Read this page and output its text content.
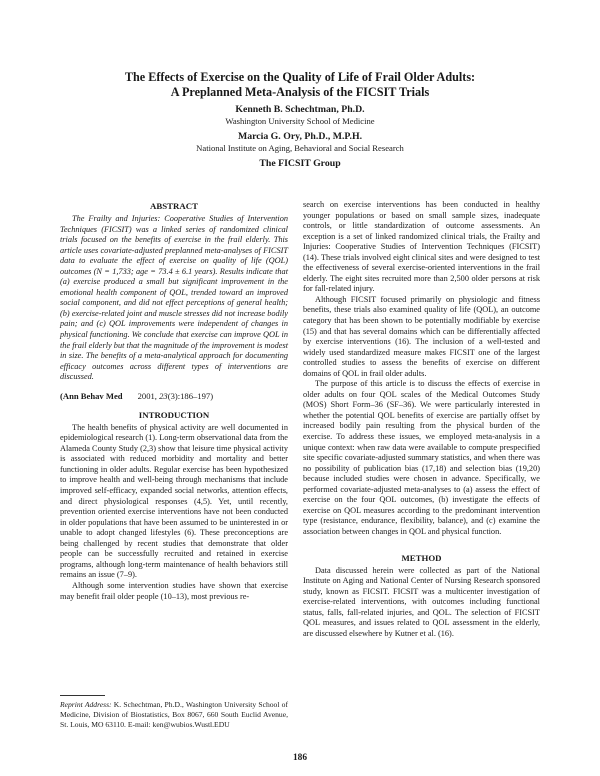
The Effects of Exercise on the Quality of Life of Frail Older Adults:
A Preplanned Meta-Analysis of the FICSIT Trials
Kenneth B. Schechtman, Ph.D.
Washington University School of Medicine
Marcia G. Ory, Ph.D., M.P.H.
National Institute on Aging, Behavioral and Social Research
The FICSIT Group
ABSTRACT

The Frailty and Injuries: Cooperative Studies of Intervention Techniques (FICSIT) was a linked series of randomized clinical trials focused on the benefits of exercise in the frail elderly. This article uses covariate-adjusted preplanned meta-analyses of FICSIT data to evaluate the effect of exercise on quality of life (QOL) outcomes (N = 1,733; age = 73.4 ± 6.1 years). Results indicate that (a) exercise produced a small but significant improvement in the emotional health component of QOL, trended toward an improved social component, and did not effect perceptions of general health; (b) exercise-related joint and muscle stresses did not increase bodily pain; and (c) QOL improvements were independent of changes in physical functioning. We conclude that exercise can improve QOL in the frail elderly but that the magnitude of the improvement is modest in size. The benefits of a meta-analytical approach for documenting efficacy outcomes across different types of interventions are discussed.

(Ann Behav Med 2001, 23(3):186–197)
INTRODUCTION

The health benefits of physical activity are well documented in epidemiological research (1). Long-term observational data from the Alameda County Study (2,3) show that leisure time physical activity is associated with reduced morbidity and mortality and better functioning in older adults. Regular exercise has been hypothesized to improve health and well-being through mechanisms that include improved self-efficacy, expanded social networks, attention effects, and direct physiological responses (4,5). Yet, until recently, prevention oriented exercise interventions have not been conducted in older populations that have been assumed to be uninterested in or unable to adopt changed lifestyles (6). These preconceptions are being challenged by recent studies that demonstrate that older people can be successfully recruited and retained in exercise programs, although long-term maintenance of health behaviors still remains an issue (7–9).

Although some intervention studies have shown that exercise may benefit frail older people (10–13), most previous re-

search on exercise interventions has been conducted in healthy younger populations or based on small sample sizes, inadequate controls, or little standardization of outcome assessments. An exception is a set of linked randomized clinical trials, the Frailty and Injuries: Cooperative Studies of Intervention Techniques (FICSIT) (14). These trials involved eight clinical sites and were designed to test the effectiveness of several exercise-oriented interventions in the frail elderly. The eight sites recruited more than 2,500 older persons at risk for fall-related injury.

Although FICSIT focused primarily on physiologic and fitness benefits, these trials also examined quality of life (QOL), an outcome category that has been shown to be potentially modifiable by exercise (15) and that has several domains which can be differentially affected by exercise interventions (16). The inclusion of a well-tested and widely used standardized measure makes FICSIT one of the largest controlled studies to assess the benefits of exercise on different domains of QOL in frail older adults.

The purpose of this article is to discuss the effects of exercise in older adults on four QOL scales of the Medical Outcomes Study (MOS) Short Form–36 (SF–36). We were particularly interested in whether the potential QOL benefits of exercise are partially offset by increased bodily pain resulting from the physical burden of the exercise. To address these issues, we employed meta-analysis in a unique context: when raw data were available to compute prespecified site specific covariate-adjusted summary statistics, and when there was no possibility of publication bias (17,18) and selection bias (19,20) because included studies were chosen in advance. Specifically, we performed covariate-adjusted meta-analyses to (a) assess the effect of exercise on the four QOL outcomes, (b) investigate the effects of exercise on QOL measures according to the predominant intervention type (resistance, endurance, flexibility, balance), and (c) examine the association between changes in QOL and physical function.

METHOD

Data discussed herein were collected as part of the National Institute on Aging and National Center of Nursing Research sponsored study, known as FICSIT. FICSIT was a multicenter investigation of exercise-related interventions, with outcomes including functional status, falls, fall-related injuries, and QOL. The selection of FICSIT QOL measures, and issues related to QOL assessment in the elderly, are discussed elsewhere by Kutner et al. (16).

Reprint Address: K. Schechtman, Ph.D., Washington University School of Medicine, Division of Biostatistics, Box 8067, 660 South Euclid Avenue, St. Louis, MO 63110. E-mail: ken@wubios.Wustl.EDU
186
